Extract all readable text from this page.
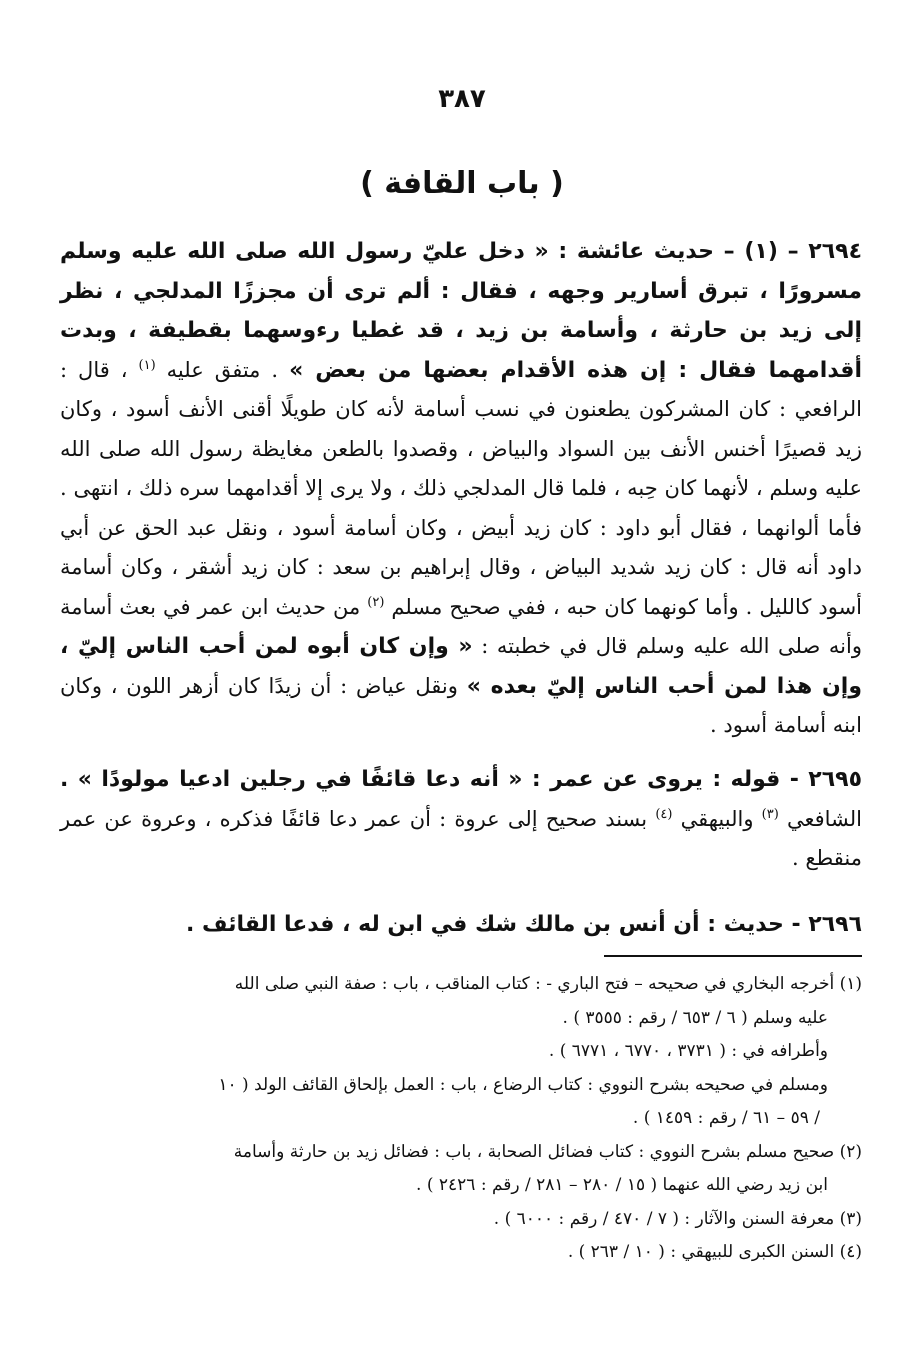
٣٨٧
( باب القافة )
٢٦٩٤ – (١) – حديث عائشة : « دخل عليّ رسول الله صلى الله عليه وسلم مسرورًا ، تبرق أسارير وجهه ، فقال : ألم ترى أن مجززًا المدلجي ، نظر إلى زيد بن حارثة ، وأسامة بن زيد ، قد غطيا رءوسهما بقطيفة ، وبدت أقدامهما فقال : إن هذه الأقدام بعضها من بعض » . متفق عليه $^{(١)}$ ، قال : الرافعي : كان المشركون يطعنون في نسب أسامة لأنه كان طويلًا أقنى الأنف أسود ، وكان زيد قصيرًا أخنس الأنف بين السواد والبياض ، وقصدوا بالطعن مغايظة رسول الله صلى الله عليه وسلم ، لأنهما كان حِبه ، فلما قال المدلجي ذلك ، ولا يرى إلا أقدامهما سره ذلك ، انتهى . فأما ألوانهما ، فقال أبو داود : كان زيد أبيض ، وكان أسامة أسود ، ونقل عبد الحق عن أبي داود أنه قال : كان زيد شديد البياض ، وقال إبراهيم بن سعد : كان زيد أشقر ، وكان أسامة أسود كالليل . وأما كونهما كان حبه ، ففي صحيح مسلم $^{(٢)}$ من حديث ابن عمر في بعث أسامة وأنه صلى الله عليه وسلم قال في خطبته : « وإن كان أبوه لمن أحب الناس إليّ ، وإن هذا لمن أحب الناس إليّ بعده » ونقل عياض : أن زيدًا كان أزهر اللون ، وكان ابنه أسامة أسود .
٢٦٩٥ - قوله : يروى عن عمر : « أنه دعا قائفًا في رجلين ادعيا مولودًا » . الشافعي $^{(٣)}$ والبيهقي $^{(٤)}$ بسند صحيح إلى عروة : أن عمر دعا قائفًا فذكره ، وعروة عن عمر منقطع .
٢٦٩٦ - حديث : أن أنس بن مالك شك في ابن له ، فدعا القائف .
(١) أخرجه البخاري في صحيحه – فتح الباري - : كتاب المناقب ، باب : صفة النبي صلى الله
عليه وسلم ( ٦ / ٦٥٣ / رقم : ٣٥٥٥ ) .
وأطرافه في : ( ٣٧٣١ ، ٦٧٧٠ ، ٦٧٧١ ) .
ومسلم في صحيحه بشرح النووي : كتاب الرضاع ، باب : العمل بإلحاق القائف الولد ( ١٠
/ ٥٩ – ٦١ / رقم : ١٤٥٩ ) .
(٢) صحيح مسلم بشرح النووي : كتاب فضائل الصحابة ، باب : فضائل زيد بن حارثة وأسامة
ابن زيد رضي الله عنهما ( ١٥ / ٢٨٠ – ٢٨١ / رقم : ٢٤٢٦ ) .
(٣) معرفة السنن والآثار : ( ٧ / ٤٧٠ / رقم : ٦٠٠٠ ) .
(٤) السنن الكبرى للبيهقي : ( ١٠ / ٢٦٣ ) .
